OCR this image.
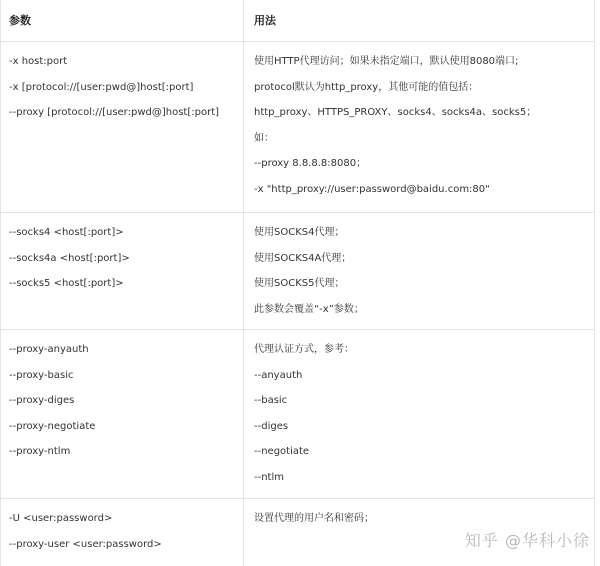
参数	用法
-x host:port
-x [protocol://[user:pwd@]host[:port]
--proxy [protocol://[user:pwd@]host[:port]
使用HTTP代理访问；如果未指定端口，默认使用8080端口;
protocol默认为http_proxy，其他可能的值包括：
http_proxy、HTTPS_PROXY、socks4、socks4a、socks5；
如：
--proxy 8.8.8.8:8080；
-x "http_proxy://user:password@baidu.com:80"
--socks4 <host[:port]>
--socks4a <host[:port]>
--socks5 <host[:port]>
使用SOCKS4代理；
使用SOCKS4A代理；
使用SOCKS5代理；
此参数会覆盖“-x”参数；
--proxy-anyauth
--proxy-basic
--proxy-diges
--proxy-negotiate
--proxy-ntlm
代理认证方式，参考：
--anyauth
--basic
--diges
--negotiate
--ntlm
-U <user:password>
--proxy-user <user:password>
设置代理的用户名和密码；
知乎 @华科小徐
